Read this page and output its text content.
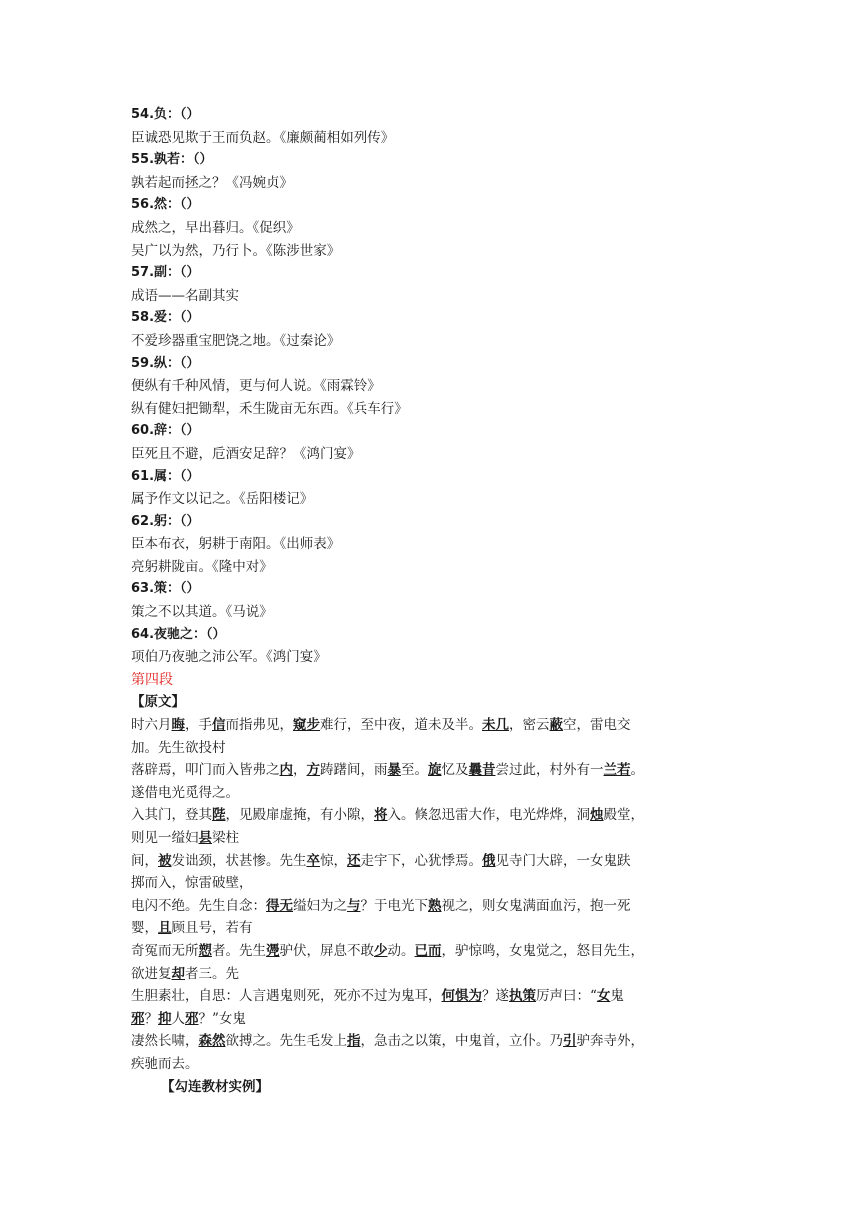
54.负：（）
臣诚恐见欺于王而负赵。《廉颇蔺相如列传》
55.孰若：（）
孰若起而拯之？《冯婉贞》
56.然：（）
成然之，早出暮归。《促织》
吴广以为然，乃行卜。《陈涉世家》
57.副：（）
成语——名副其实
58.爱：（）
不爱珍器重宝肥饶之地。《过秦论》
59.纵：（）
便纵有千种风情，更与何人说。《雨霖铃》
纵有健妇把锄犁，禾生陇亩无东西。《兵车行》
60.辞：（）
臣死且不避，卮酒安足辞？《鸿门宴》
61.属：（）
属予作文以记之。《岳阳楼记》
62.躬：（）
臣本布衣，躬耕于南阳。《出师表》
亮躬耕陇亩。《隆中对》
63.策：（）
策之不以其道。《马说》
64.夜驰之：（）
项伯乃夜驰之沛公军。《鸿门宴》
第四段
【原文】
时六月晦，手信而指弗见，窥步难行，至中夜，道未及半。未几，密云蔽空，雷电交
加。先生欲投村
落辟焉，叩门而入皆弗之内，方踌躇间，雨暴至。旋忆及曩昔尝过此，村外有一兰若。
遂借电光觅得之。
入其门，登其陛，见殿扉虚掩，有小隙，将入。倏忽迅雷大作，电光烨烨，洞烛殿堂，
则见一缢妇县梁柱
间，被发诎颈，状甚惨。先生卒惊，还走宇下，心犹悸焉。俄见寺门大辟，一女鬼趺
掷而入，惊雷破壁，
电闪不绝。先生自念：得无缢妇为之与？于电光下熟视之，则女鬼满面血污，抱一死
婴，且顾且号，若有
奇冤而无所愬者。先生凴驴伏，屏息不敢少动。已而，驴惊鸣，女鬼觉之，怒目先生，
欲进复却者三。先
生胆素壮，自思：人言遇鬼则死，死亦不过为鬼耳，何惧为？遂执策厉声曰：“女鬼
邪？抑人邪？”女鬼
凄然长啸，森然欲搏之。先生毛发上指，急击之以策，中鬼首，立仆。乃引驴奔寺外，
疾驰而去。
【勾连教材实例】
